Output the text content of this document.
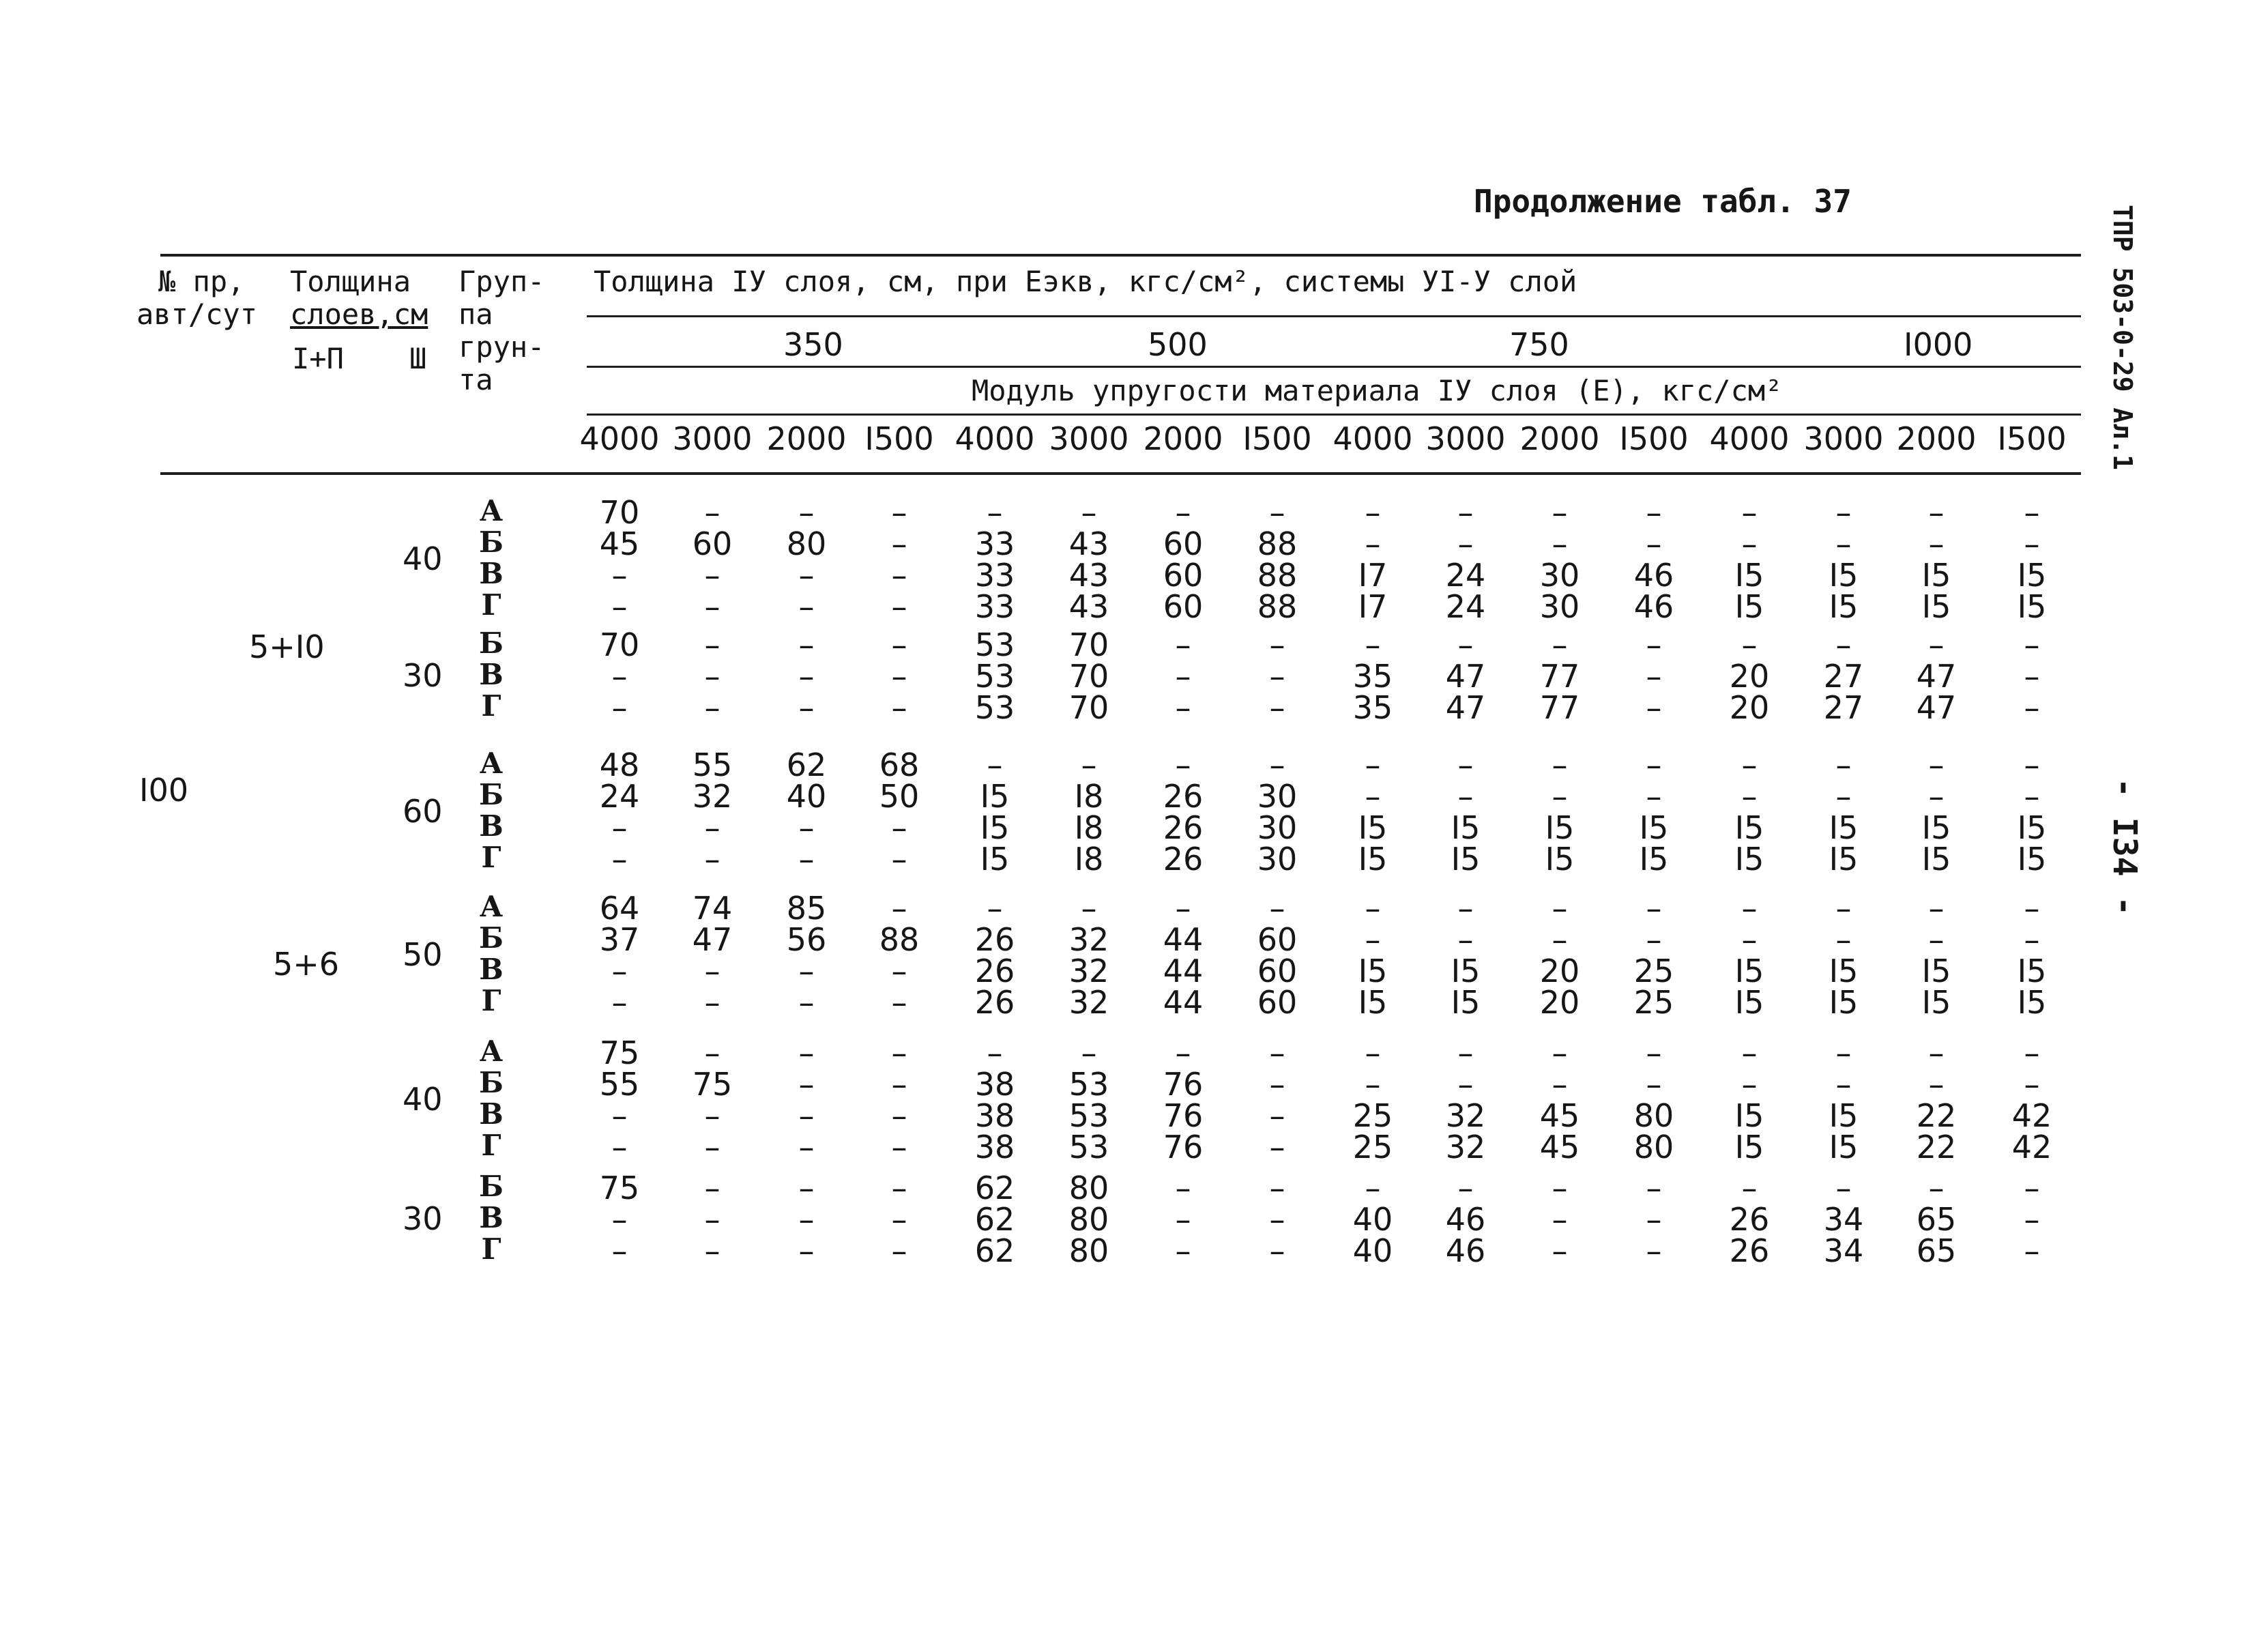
Продолжение табл. 37
ТПР 503-0-29 Ал.1
- I34 -
№ пр,
авт/сут
Толщина
слоев,см
I+П Ш
Груп-
па
грун-
та
Толщина IУ слоя, см, при Еэкв, кгс/см², системы УI-У слой
350	500	750	I000
Модуль упругости материала IУ слоя (E), кгс/см²
4000 3000 2000 I500 4000 3000 2000 I500 4000 3000 2000 I500 4000 3000 2000 I500
I00
5+I0
5+6
40
А	70	–	–	–	–	–	–	–	–	–	–	–	–	–	–	–
Б	45	60	80	–	33	43	60	88	–	–	–	–	–	–	–	–
В	–	–	–	–	33	43	60	88	I7	24	30	46	I5	I5	I5	I5
Г	–	–	–	–	33	43	60	88	I7	24	30	46	I5	I5	I5	I5
30
Б	70	–	–	–	53	70	–	–	–	–	–	–	–	–	–	–
В	–	–	–	–	53	70	–	–	35	47	77	–	20	27	47	–
Г	–	–	–	–	53	70	–	–	35	47	77	–	20	27	47	–
60
А	48	55	62	68	–	–	–	–	–	–	–	–	–	–	–	–
Б	24	32	40	50	I5	I8	26	30	–	–	–	–	–	–	–	–
В	–	–	–	–	I5	I8	26	30	I5	I5	I5	I5	I5	I5	I5	I5
Г	–	–	–	–	I5	I8	26	30	I5	I5	I5	I5	I5	I5	I5	I5
50
А	64	74	85	–	–	–	–	–	–	–	–	–	–	–	–	–
Б	37	47	56	88	26	32	44	60	–	–	–	–	–	–	–	–
В	–	–	–	–	26	32	44	60	I5	I5	20	25	I5	I5	I5	I5
Г	–	–	–	–	26	32	44	60	I5	I5	20	25	I5	I5	I5	I5
40
А	75	–	–	–	–	–	–	–	–	–	–	–	–	–	–	–
Б	55	75	–	–	38	53	76	–	–	–	–	–	–	–	–	–
В	–	–	–	–	38	53	76	–	25	32	45	80	I5	I5	22	42
Г	–	–	–	–	38	53	76	–	25	32	45	80	I5	I5	22	42
30
Б	75	–	–	–	62	80	–	–	–	–	–	–	–	–	–	–
В	–	–	–	–	62	80	–	–	40	46	–	–	26	34	65	–
Г	–	–	–	–	62	80	–	–	40	46	–	–	26	34	65	–
